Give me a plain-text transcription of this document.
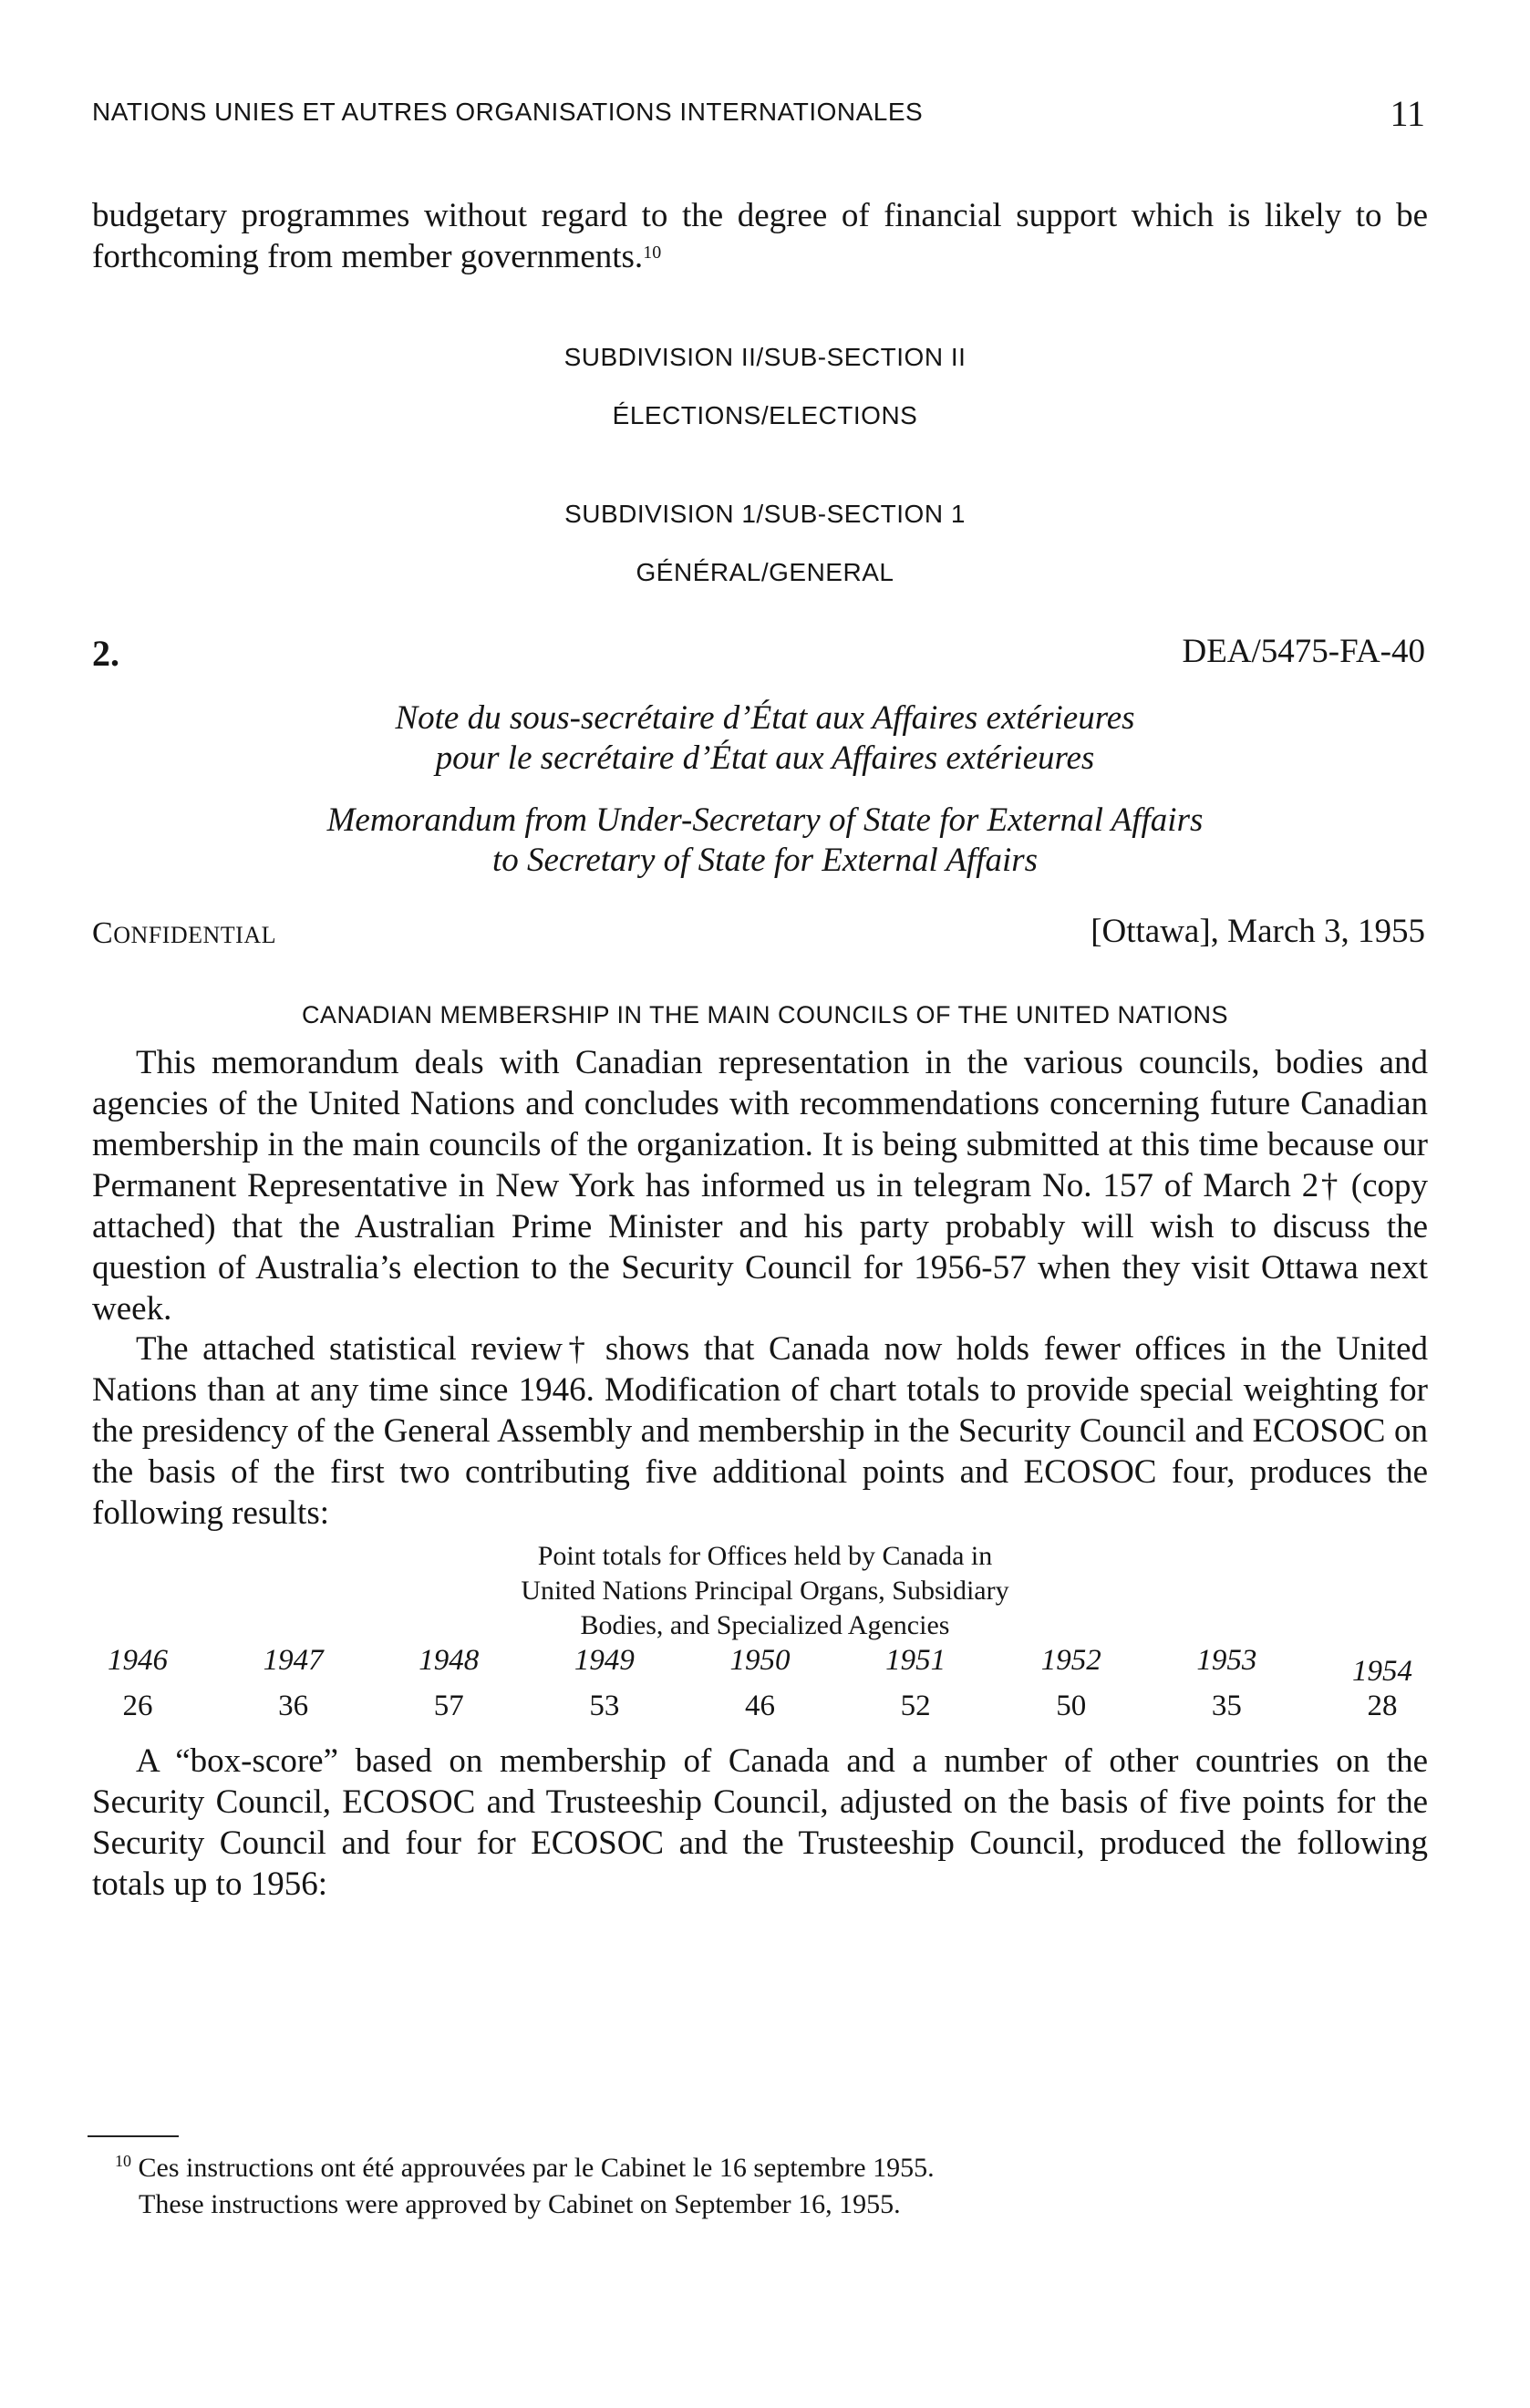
NATIONS UNIES ET AUTRES ORGANISATIONS INTERNATIONALES	11

budgetary programmes without regard to the degree of financial support which is likely to be forthcoming from member governments.$^{10}$

SUBDIVISION II/SUB-SECTION II
ÉLECTIONS/ELECTIONS
SUBDIVISION 1/SUB-SECTION 1
GÉNÉRAL/GENERAL
2.	DEA/5475-FA-40
Note du sous-secrétaire d’État aux Affaires extérieures
pour le secrétaire d’État aux Affaires extérieures
Memorandum from Under-Secretary of State for External Affairs
to Secretary of State for External Affairs
CONFIDENTIAL	[Ottawa], March 3, 1955
CANADIAN MEMBERSHIP IN THE MAIN COUNCILS OF THE UNITED NATIONS

This memorandum deals with Canadian representation in the various councils, bodies and agencies of the United Nations and concludes with recommendations concerning future Canadian membership in the main councils of the organization. It is being submitted at this time because our Permanent Representative in New York has informed us in telegram No. 157 of March 2† (copy attached) that the Australian Prime Minister and his party probably will wish to discuss the question of Australia’s election to the Security Council for 1956-57 when they visit Ottawa next week.

The attached statistical review† shows that Canada now holds fewer offices in the United Nations than at any time since 1946. Modification of chart totals to provide special weighting for the presidency of the General Assembly and membership in the Security Council and ECOSOC on the basis of the first two contributing five additional points and ECOSOC four, produces the following results:

Point totals for Offices held by Canada in
United Nations Principal Organs, Subsidiary
Bodies, and Specialized Agencies
1946	1947	1948	1949	1950	1951	1952	1953	1954
26	36	57	53	46	52	50	35	28

A “box-score” based on membership of Canada and a number of other countries on the Security Council, ECOSOC and Trusteeship Council, adjusted on the basis of five points for the Security Council and four for ECOSOC and the Trusteeship Council, produced the following totals up to 1956:

$^{10}$ Ces instructions ont été approuvées par le Cabinet le 16 septembre 1955.
These instructions were approved by Cabinet on September 16, 1955.
